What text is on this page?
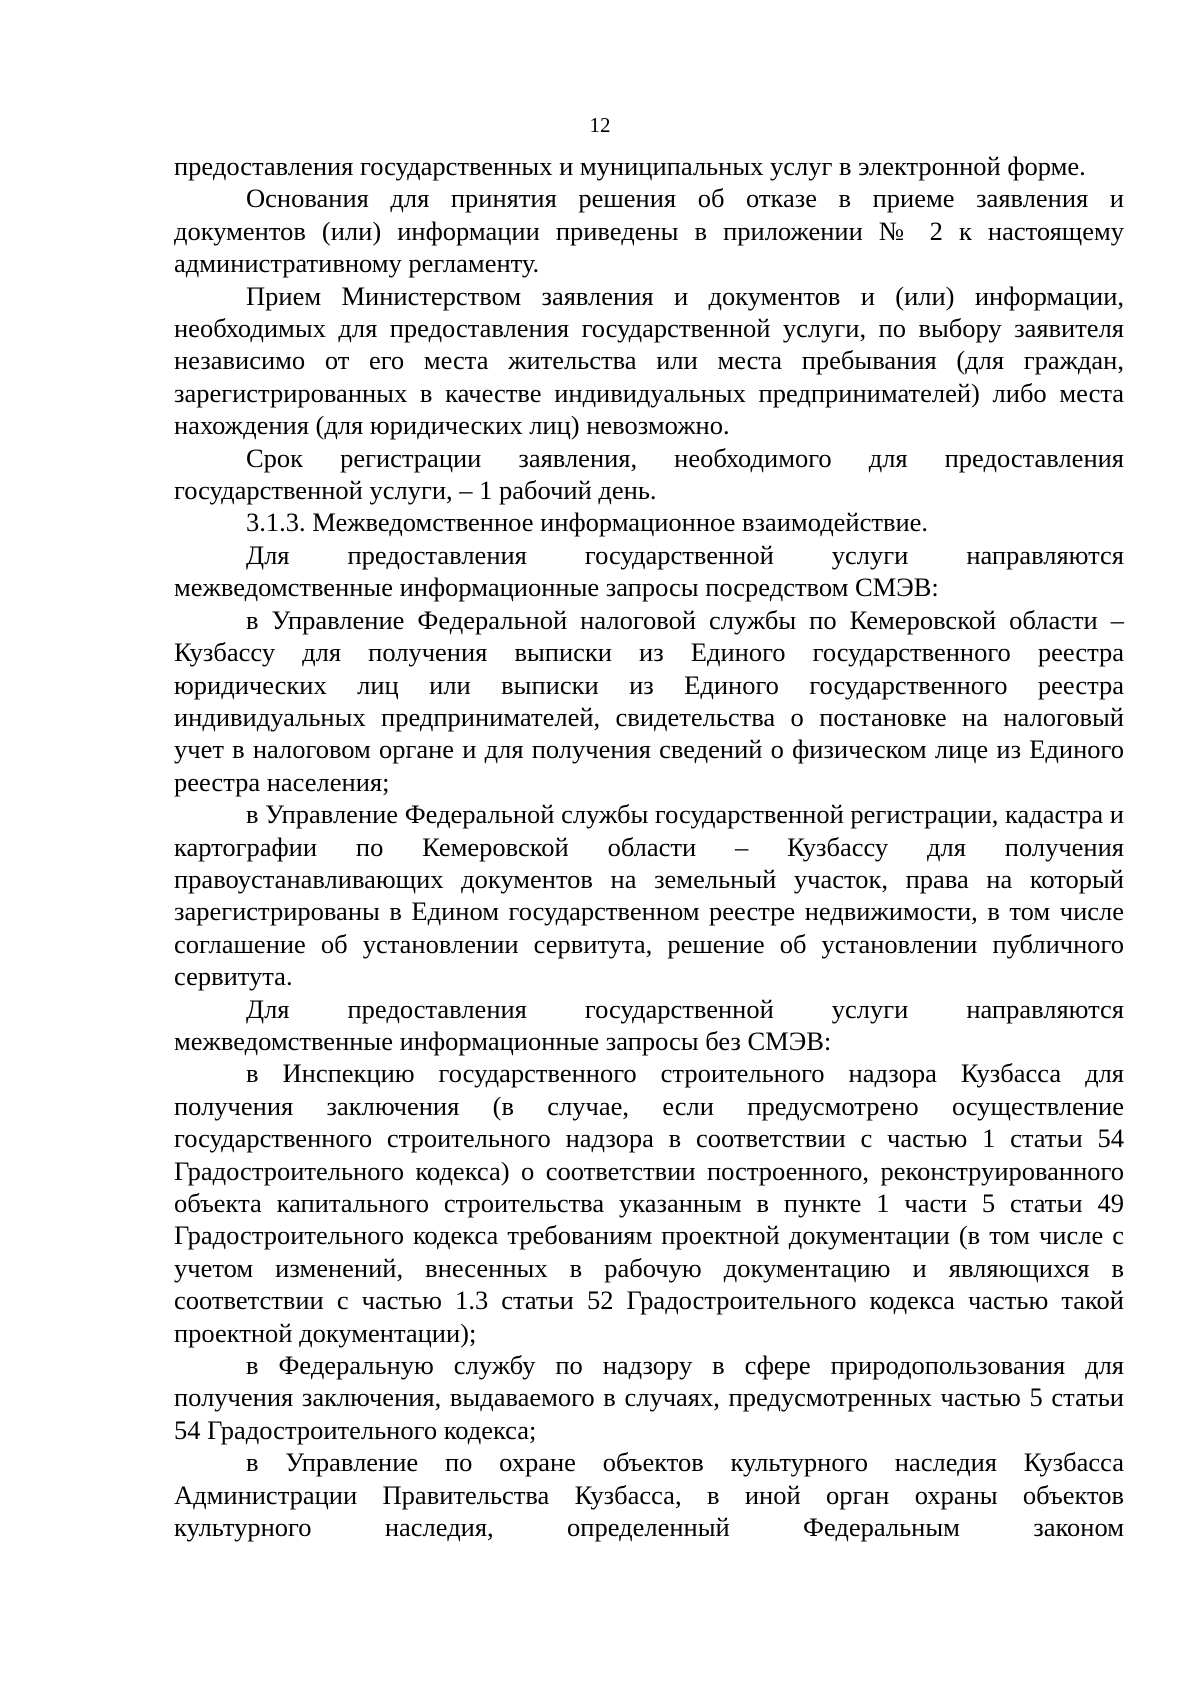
12

предоставления государственных и муниципальных услуг в электронной форме.

Основания для принятия решения об отказе в приеме заявления и документов (или) информации приведены в приложении № 2 к настоящему административному регламенту.

Прием Министерством заявления и документов и (или) информации, необходимых для предоставления государственной услуги, по выбору заявителя независимо от его места жительства или места пребывания (для граждан, зарегистрированных в качестве индивидуальных предпринимателей) либо места нахождения (для юридических лиц) невозможно.

Срок регистрации заявления, необходимого для предоставления государственной услуги, – 1 рабочий день.

3.1.3. Межведомственное информационное взаимодействие.

Для предоставления государственной услуги направляются межведомственные информационные запросы посредством СМЭВ:

в Управление Федеральной налоговой службы по Кемеровской области – Кузбассу для получения выписки из Единого государственного реестра юридических лиц или выписки из Единого государственного реестра индивидуальных предпринимателей, свидетельства о постановке на налоговый учет в налоговом органе и для получения сведений о физическом лице из Единого реестра населения;

в Управление Федеральной службы государственной регистрации, кадастра и картографии по Кемеровской области – Кузбассу для получения правоустанавливающих документов на земельный участок, права на который зарегистрированы в Едином государственном реестре недвижимости, в том числе соглашение об установлении сервитута, решение об установлении публичного сервитута.

Для предоставления государственной услуги направляются межведомственные информационные запросы без СМЭВ:

в Инспекцию государственного строительного надзора Кузбасса для получения заключения (в случае, если предусмотрено осуществление государственного строительного надзора в соответствии с частью 1 статьи 54 Градостроительного кодекса) о соответствии построенного, реконструированного объекта капитального строительства указанным в пункте 1 части 5 статьи 49 Градостроительного кодекса требованиям проектной документации (в том числе с учетом изменений, внесенных в рабочую документацию и являющихся в соответствии с частью 1.3 статьи 52 Градостроительного кодекса частью такой проектной документации);

в Федеральную службу по надзору в сфере природопользования для получения заключения, выдаваемого в случаях, предусмотренных частью 5 статьи 54 Градостроительного кодекса;

в Управление по охране объектов культурного наследия Кузбасса Администрации Правительства Кузбасса, в иной орган охраны объектов культурного наследия, определенный Федеральным законом
